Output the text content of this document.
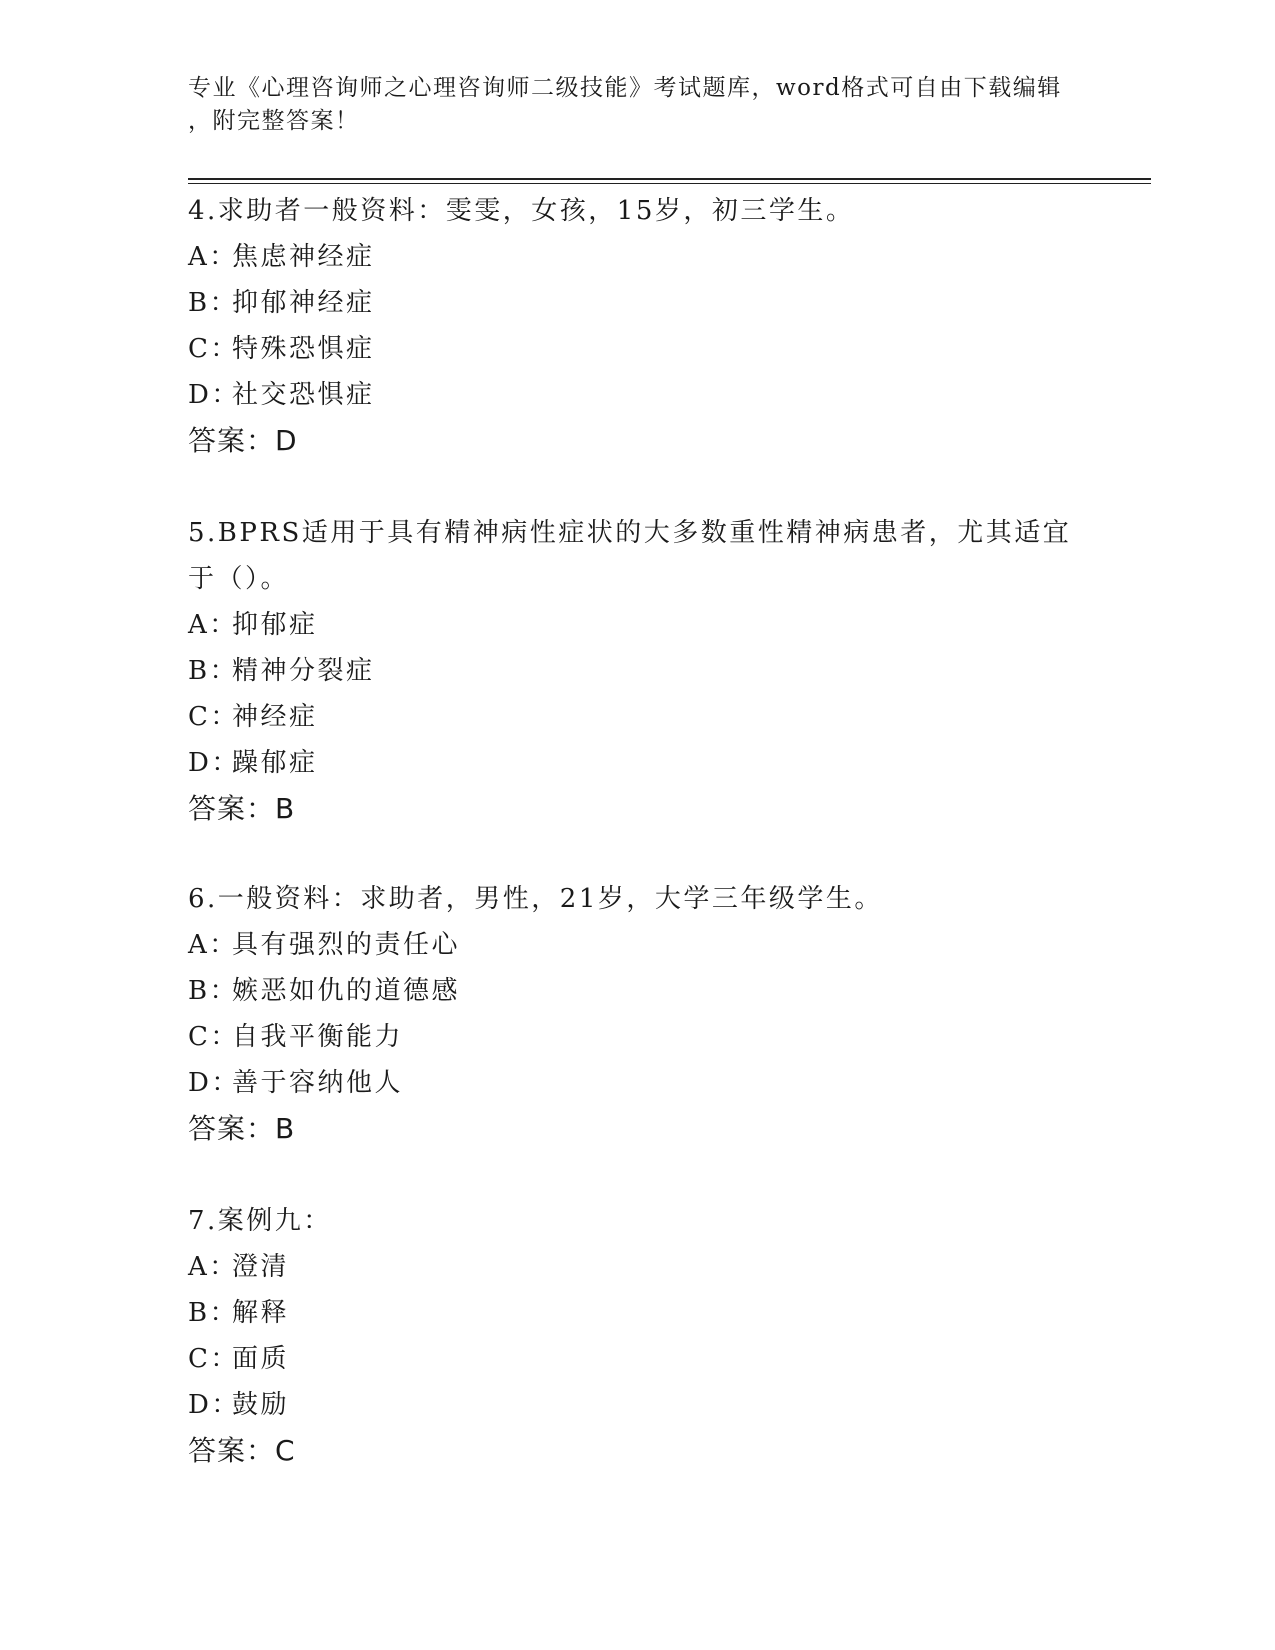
专业《心理咨询师之心理咨询师二级技能》考试题库，word格式可自由下载编辑
，附完整答案！
4.求助者一般资料：雯雯，女孩，15岁，初三学生。
A：焦虑神经症
B：抑郁神经症
C：特殊恐惧症
D：社交恐惧症
答案：D
5.BPRS适用于具有精神病性症状的大多数重性精神病患者，尤其适宜
于（）。
A：抑郁症
B：精神分裂症
C：神经症
D：躁郁症
答案：B
6.一般资料：求助者，男性，21岁，大学三年级学生。
A：具有强烈的责任心
B：嫉恶如仇的道德感
C：自我平衡能力
D：善于容纳他人
答案：B
7.案例九：
A：澄清
B：解释
C：面质
D：鼓励
答案：C
